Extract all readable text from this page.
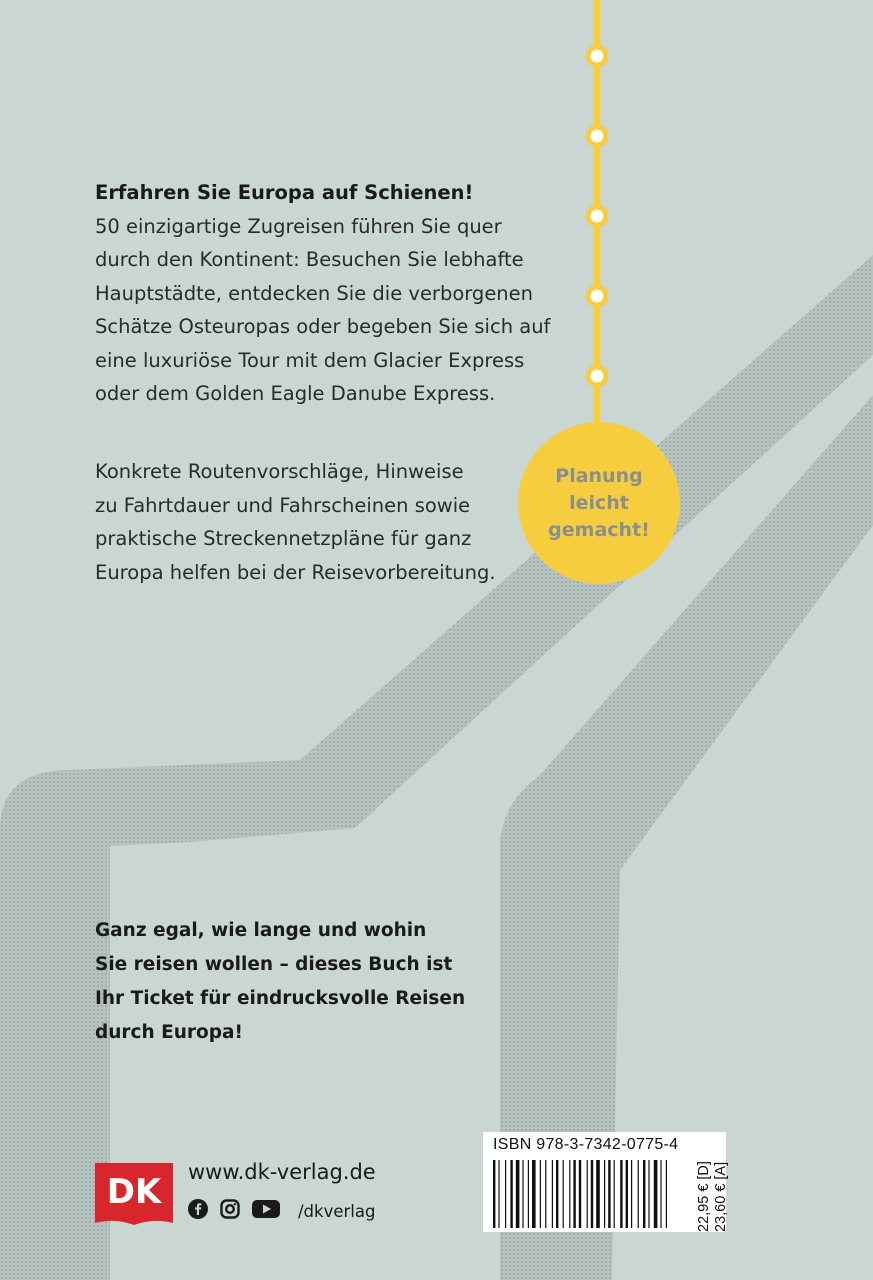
Erfahren Sie Europa auf Schienen!
50 einzigartige Zugreisen führen Sie quer
durch den Kontinent: Besuchen Sie lebhafte
Hauptstädte, entdecken Sie die verborgenen
Schätze Osteuropas oder begeben Sie sich auf
eine luxuriöse Tour mit dem Glacier Express
oder dem Golden Eagle Danube Express.

Konkrete Routenvorschläge, Hinweise
zu Fahrtdauer und Fahrscheinen sowie
praktische Streckennetzpläne für ganz
Europa helfen bei der Reisevorbereitung.

Planung
leicht
gemacht!

Ganz egal, wie lange und wohin
Sie reisen wollen – dieses Buch ist
Ihr Ticket für eindrucksvolle Reisen
durch Europa!

DK www.dk-verlag.de
/dkverlag
ISBN 978-3-7342-0775-4
22,95 € [D] 23,60 € [A]
